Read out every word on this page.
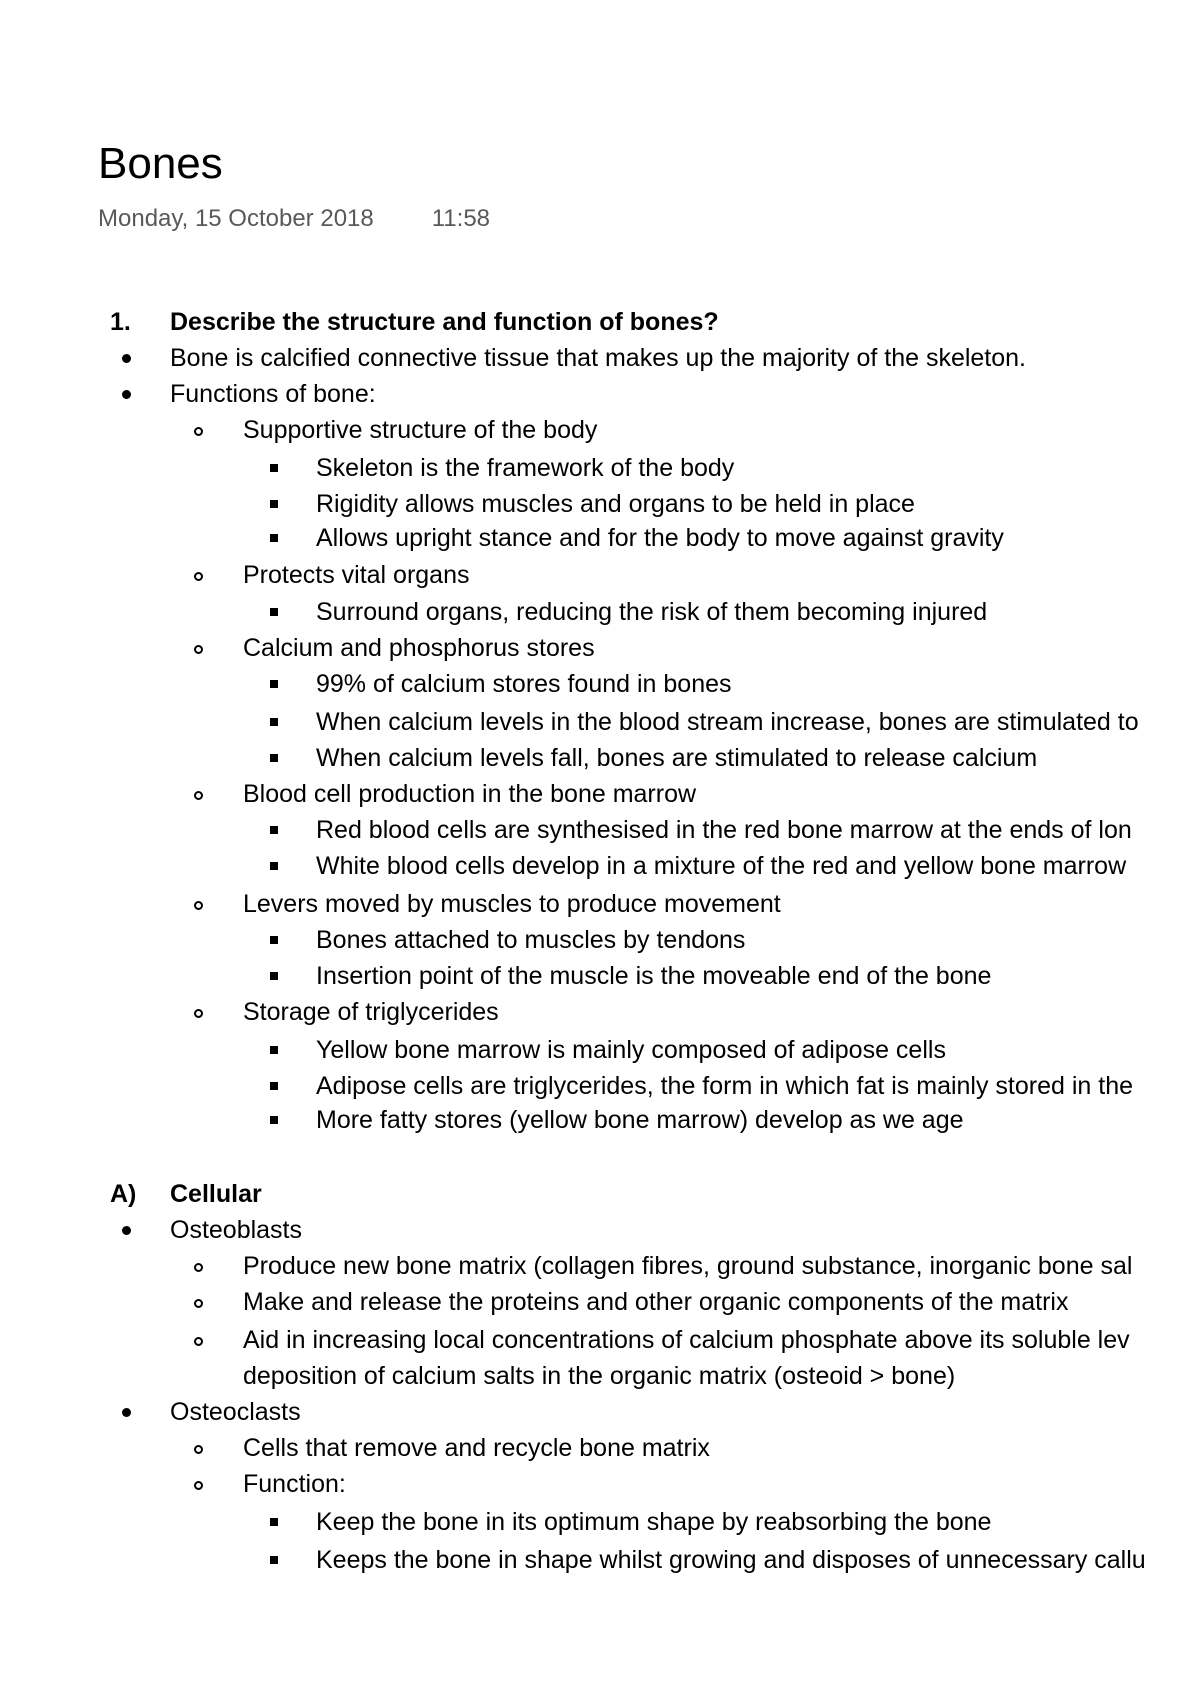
Bones
Monday, 15 October 2018 11:58
1. Describe the structure and function of bones?
Bone is calcified connective tissue that makes up the majority of the skeleton.
Functions of bone:
Supportive structure of the body
Skeleton is the framework of the body
Rigidity allows muscles and organs to be held in place
Allows upright stance and for the body to move against gravity
Protects vital organs
Surround organs, reducing the risk of them becoming injured
Calcium and phosphorus stores
99% of calcium stores found in bones
When calcium levels in the blood stream increase, bones are stimulated to
When calcium levels fall, bones are stimulated to release calcium
Blood cell production in the bone marrow
Red blood cells are synthesised in the red bone marrow at the ends of lon
White blood cells develop in a mixture of the red and yellow bone marrow
Levers moved by muscles to produce movement
Bones attached to muscles by tendons
Insertion point of the muscle is the moveable end of the bone
Storage of triglycerides
Yellow bone marrow is mainly composed of adipose cells
Adipose cells are triglycerides, the form in which fat is mainly stored in the
More fatty stores (yellow bone marrow) develop as we age
A) Cellular
Osteoblasts
Produce new bone matrix (collagen fibres, ground substance, inorganic bone sal
Make and release the proteins and other organic components of the matrix
Aid in increasing local concentrations of calcium phosphate above its soluble lev
deposition of calcium salts in the organic matrix (osteoid > bone)
Osteoclasts
Cells that remove and recycle bone matrix
Function:
Keep the bone in its optimum shape by reabsorbing the bone
Keeps the bone in shape whilst growing and disposes of unnecessary callu
